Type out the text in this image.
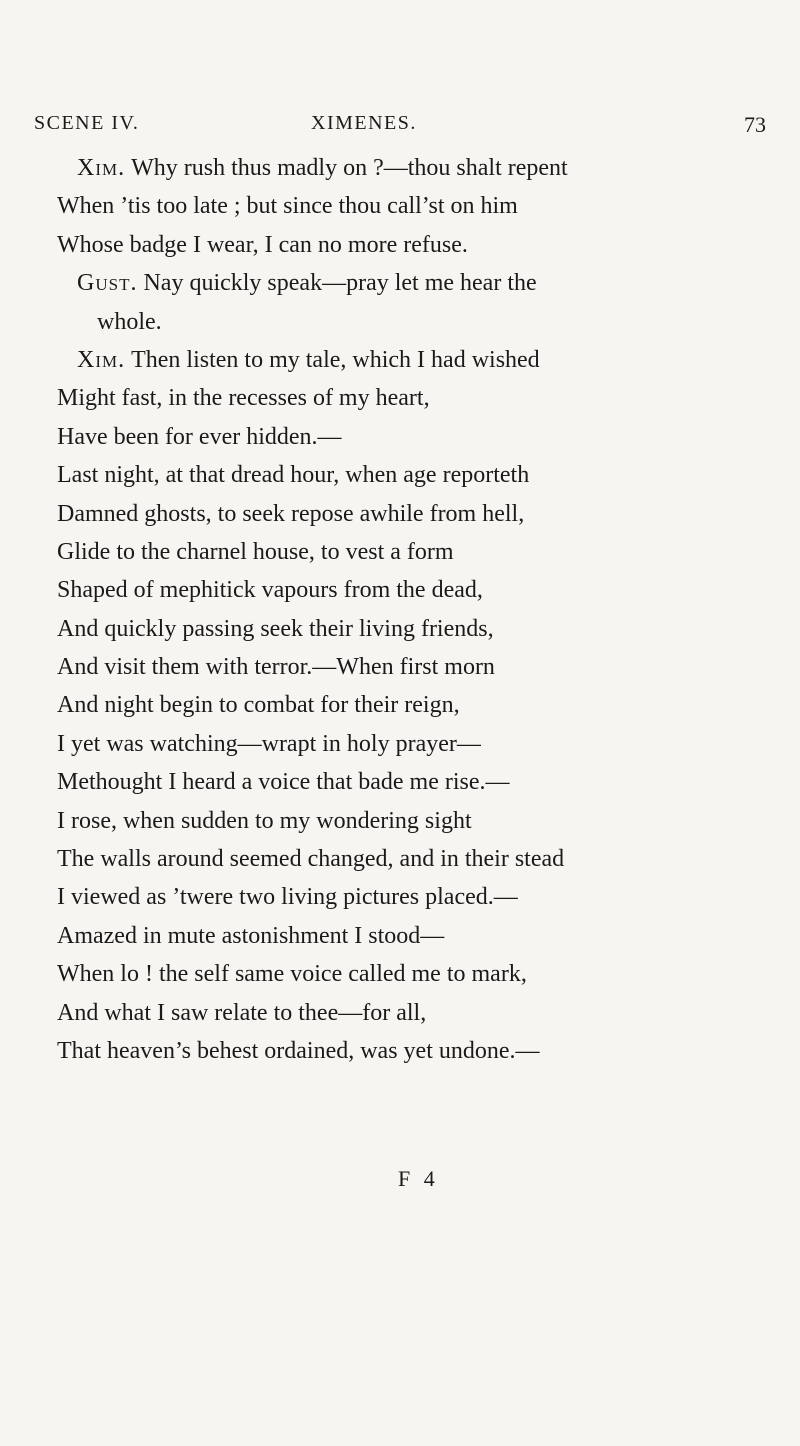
SCENE IV.	XIMENES.	73
Xim. Why rush thus madly on ?—thou shalt repent
When ’tis too late ; but since thou call’st on him
Whose badge I wear, I can no more refuse.
Gust. Nay quickly speak—pray let me hear the
whole.
Xim. Then listen to my tale, which I had wished
Might fast, in the recesses of my heart,
Have been for ever hidden.—
Last night, at that dread hour, when age reporteth
Damned ghosts, to seek repose awhile from hell,
Glide to the charnel house, to vest a form
Shaped of mephitick vapours from the dead,
And quickly passing seek their living friends,
And visit them with terror.—When first morn
And night begin to combat for their reign,
I yet was watching—wrapt in holy prayer—
Methought I heard a voice that bade me rise.—
I rose, when sudden to my wondering sight
The walls around seemed changed, and in their stead
I viewed as ’twere two living pictures placed.—
Amazed in mute astonishment I stood—
When lo ! the self same voice called me to mark,
And what I saw relate to thee—for all,
That heaven’s behest ordained, was yet undone.—
F 4
